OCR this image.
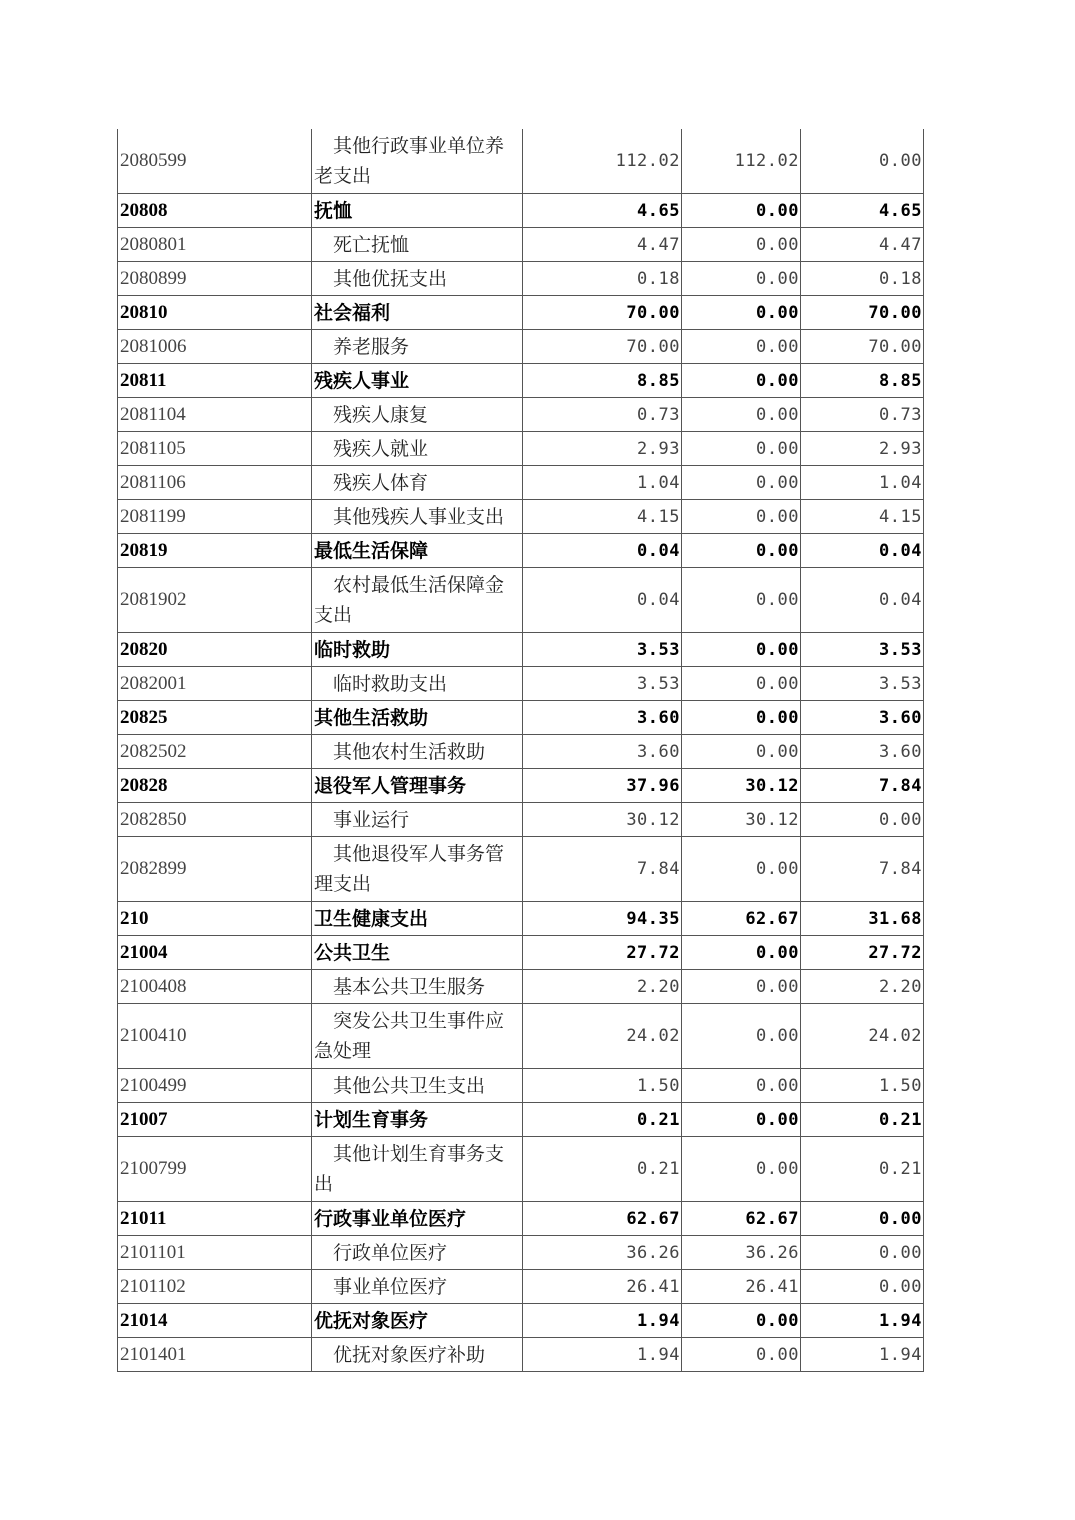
2080599	其他行政事业单位养老支出	112.02	112.02	0.00
20808	抚恤	4.65	0.00	4.65
2080801	死亡抚恤	4.47	0.00	4.47
2080899	其他优抚支出	0.18	0.00	0.18
20810	社会福利	70.00	0.00	70.00
2081006	养老服务	70.00	0.00	70.00
20811	残疾人事业	8.85	0.00	8.85
2081104	残疾人康复	0.73	0.00	0.73
2081105	残疾人就业	2.93	0.00	2.93
2081106	残疾人体育	1.04	0.00	1.04
2081199	其他残疾人事业支出	4.15	0.00	4.15
20819	最低生活保障	0.04	0.00	0.04
2081902	农村最低生活保障金支出	0.04	0.00	0.04
20820	临时救助	3.53	0.00	3.53
2082001	临时救助支出	3.53	0.00	3.53
20825	其他生活救助	3.60	0.00	3.60
2082502	其他农村生活救助	3.60	0.00	3.60
20828	退役军人管理事务	37.96	30.12	7.84
2082850	事业运行	30.12	30.12	0.00
2082899	其他退役军人事务管理支出	7.84	0.00	7.84
210	卫生健康支出	94.35	62.67	31.68
21004	公共卫生	27.72	0.00	27.72
2100408	基本公共卫生服务	2.20	0.00	2.20
2100410	突发公共卫生事件应急处理	24.02	0.00	24.02
2100499	其他公共卫生支出	1.50	0.00	1.50
21007	计划生育事务	0.21	0.00	0.21
2100799	其他计划生育事务支出	0.21	0.00	0.21
21011	行政事业单位医疗	62.67	62.67	0.00
2101101	行政单位医疗	36.26	36.26	0.00
2101102	事业单位医疗	26.41	26.41	0.00
21014	优抚对象医疗	1.94	0.00	1.94
2101401	优抚对象医疗补助	1.94	0.00	1.94
